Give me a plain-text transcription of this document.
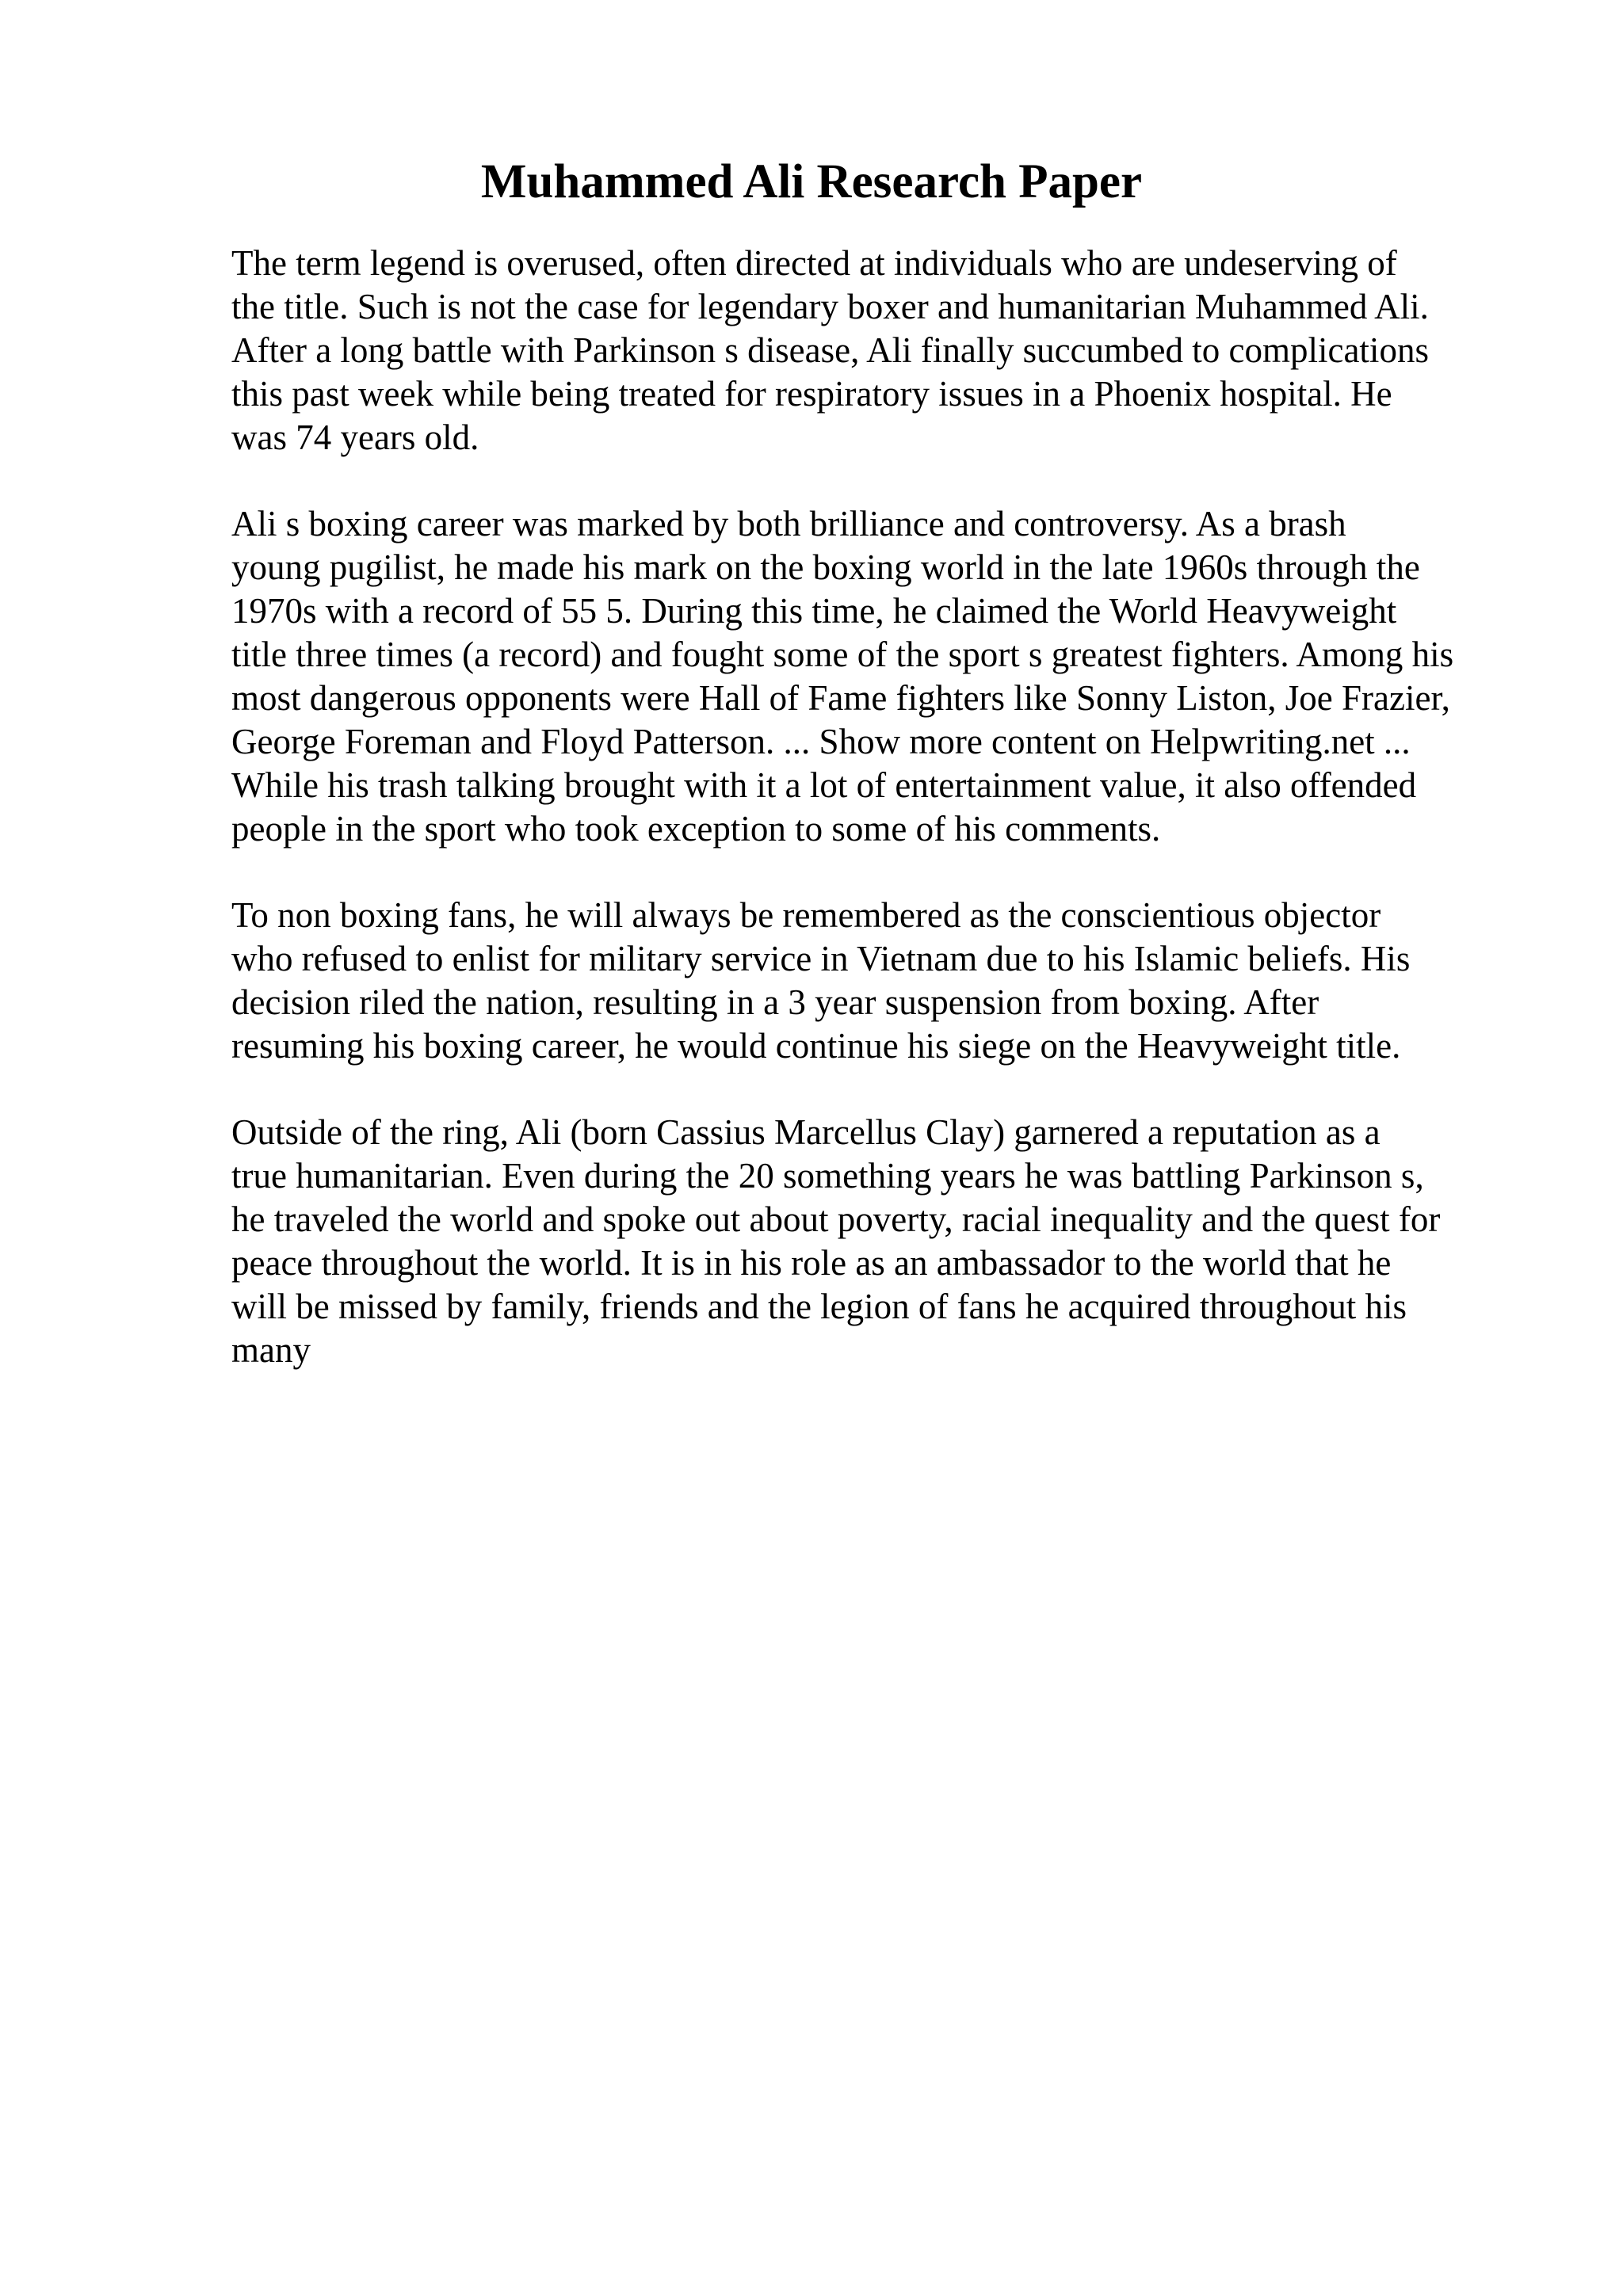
Muhammed Ali Research Paper

The term legend is overused, often directed at individuals who are undeserving of
the title. Such is not the case for legendary boxer and humanitarian Muhammed Ali.
After a long battle with Parkinson s disease, Ali finally succumbed to complications
this past week while being treated for respiratory issues in a Phoenix hospital. He
was 74 years old.

Ali s boxing career was marked by both brilliance and controversy. As a brash
young pugilist, he made his mark on the boxing world in the late 1960s through the
1970s with a record of 55 5. During this time, he claimed the World Heavyweight
title three times (a record) and fought some of the sport s greatest fighters. Among his
most dangerous opponents were Hall of Fame fighters like Sonny Liston, Joe Frazier,
George Foreman and Floyd Patterson. ... Show more content on Helpwriting.net ...
While his trash talking brought with it a lot of entertainment value, it also offended
people in the sport who took exception to some of his comments.

To non boxing fans, he will always be remembered as the conscientious objector
who refused to enlist for military service in Vietnam due to his Islamic beliefs. His
decision riled the nation, resulting in a 3 year suspension from boxing. After
resuming his boxing career, he would continue his siege on the Heavyweight title.

Outside of the ring, Ali (born Cassius Marcellus Clay) garnered a reputation as a
true humanitarian. Even during the 20 something years he was battling Parkinson s,
he traveled the world and spoke out about poverty, racial inequality and the quest for
peace throughout the world. It is in his role as an ambassador to the world that he
will be missed by family, friends and the legion of fans he acquired throughout his
many
